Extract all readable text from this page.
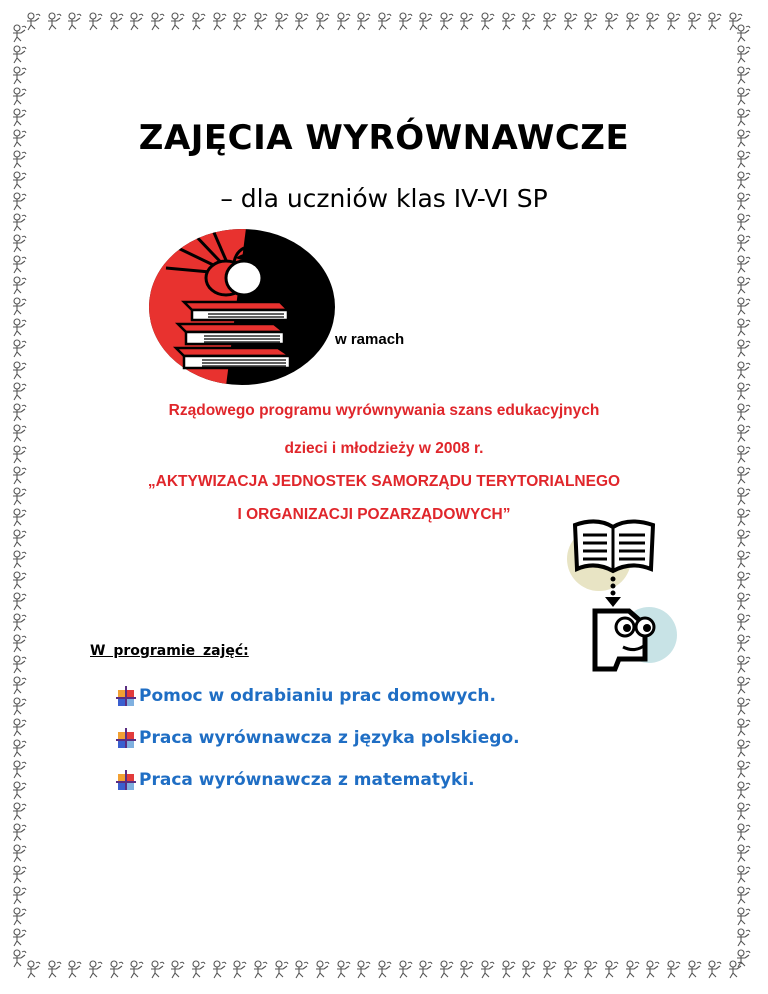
ZAJĘCIA WYRÓWNAWCZE
– dla uczniów klas IV-VI SP
w ramach
Rządowego programu wyrównywania szans edukacyjnych
dzieci i młodzieży w 2008 r.
„AKTYWIZACJA JEDNOSTEK SAMORZĄDU TERYTORIALNEGO
I ORGANIZACJI POZARZĄDOWYCH”
W programie zajęć:
Pomoc w odrabianiu prac domowych.
Praca wyrównawcza z języka polskiego.
Praca wyrównawcza z matematyki.
